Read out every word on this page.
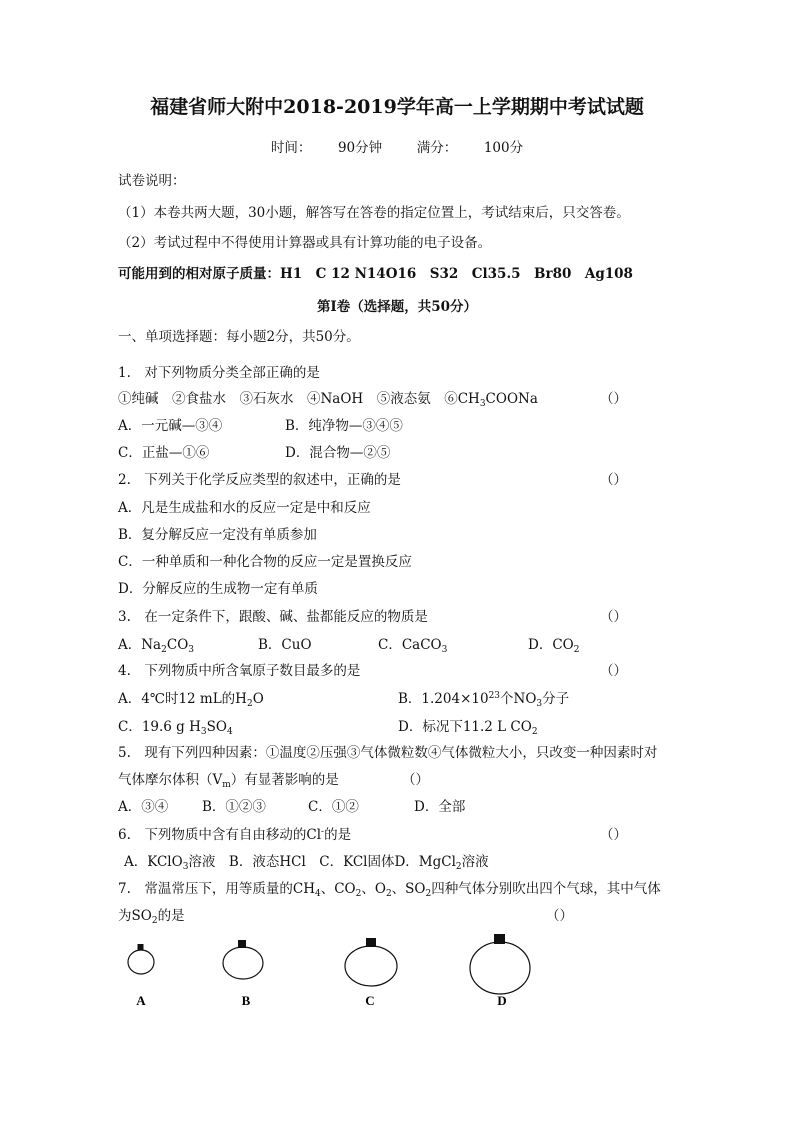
福建省师大附中2018-2019学年高一上学期期中考试试题
时间： 90分钟	满分： 100分
试卷说明：
（1）本卷共两大题，30小题，解答写在答卷的指定位置上，考试结束后，只交答卷。
（2）考试过程中不得使用计算器或具有计算功能的电子设备。
可能用到的相对原子质量：H1　C 12 N14O16　S32　Cl35.5　Br80　Ag108
第Ⅰ卷（选择题，共50分）
一、单项选择题：每小题2分，共50分。
1.　对下列物质分类全部正确的是
①纯碱　②食盐水　③石灰水　④NaOH　⑤液态氨　$⑥CH_3COONa$	（）
A．一元碱—③④	B．纯净物—③④⑤
C．正盐—①⑥	D．混合物—②⑤
2.　下列关于化学反应类型的叙述中，正确的是	（）
A．凡是生成盐和水的反应一定是中和反应
B．复分解反应一定没有单质参加
C．一种单质和一种化合物的反应一定是置换反应
D．分解反应的生成物一定有单质
3.　在一定条件下，跟酸、碱、盐都能反应的物质是	（）
A．$Na_2CO_3$	B．CuO	C．CaCO$_3$	D．$CO_2$
4.　下列物质中所含氧原子数目最多的是	（）
A．4℃时12 mL的$H_2O$	B．$1.204\times 10^{23}$个$NO_3$分子
C．19.6 g $H_3SO_4$	D．标况下11.2 L $CO_2$
5.　现有下列四种因素：①温度②压强③气体微粒数④气体微粒大小，只改变一种因素时对
气体摩尔体积$(V_m)$有显著影响的是	（）
A．③④	B．①②③	C．①②	D．全部
6.　下列物质中含有自由移动的Cl-的是	（）
A．KClO$_3$溶液　B．液态HCl　C．KCl固体D．MgCl$_2$溶液
7.　常温常压下，用等质量的$CH_4$、$CO_2$、$O_2$、$SO_2$四种气体分别吹出四个气球，其中气体
为$SO_2$的是	（）
A	B	C	D
